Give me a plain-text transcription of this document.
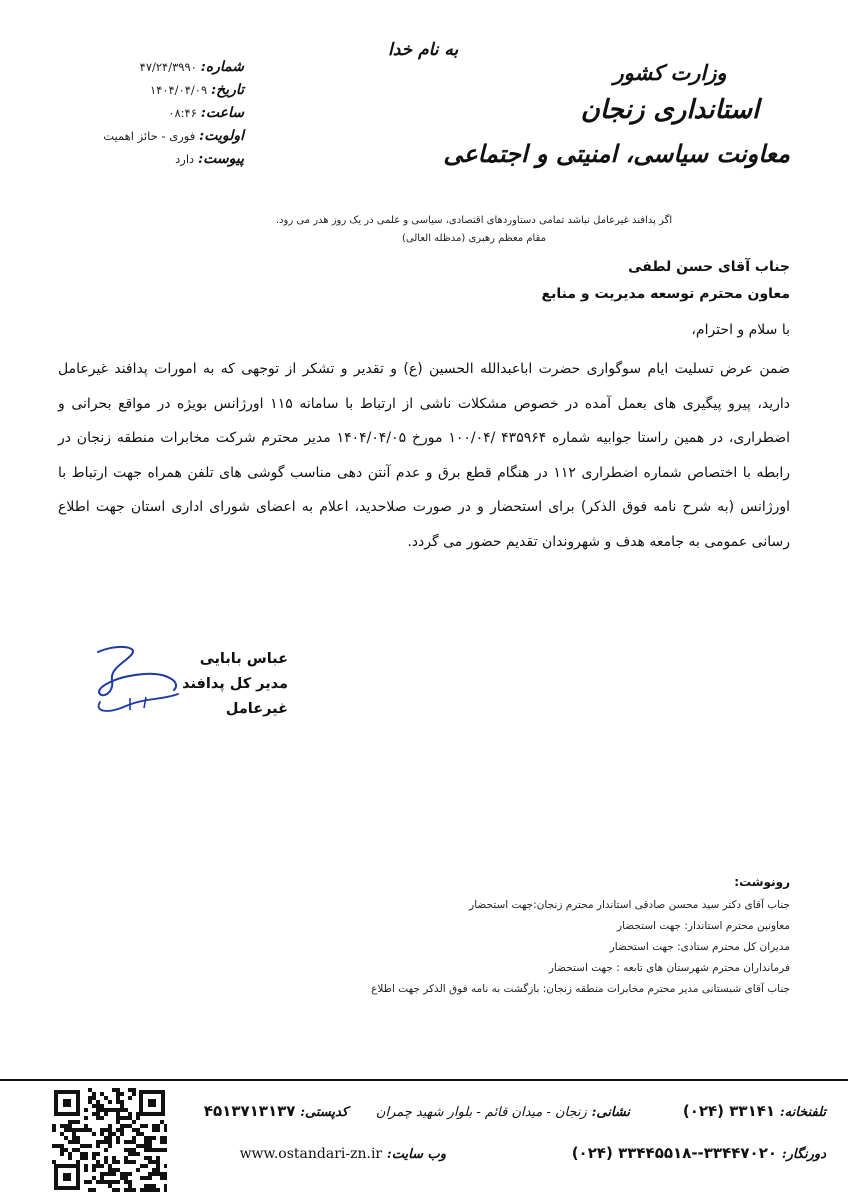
به نام خدا
وزارت کشور
استانداری زنجان
معاونت سیاسی، امنیتی و اجتماعی
شماره: ۴۷/۲۴/۳۹۹۰
تاریخ: ۱۴۰۴/۰۴/۰۹
ساعت: ۰۸:۴۶
اولویت: فوری - حائز اهمیت
پیوست: دارد
اگر پدافند غیرعامل نباشد تمامی دستاوردهای اقتصادی، سیاسی و علمی در یک روز هدر می رود.
مقام معظم رهبری (مدظله العالی)
جناب آقای حسن لطفی
معاون محترم توسعه مدیریت و منابع
با سلام و احترام،
ضمن عرض تسلیت ایام سوگواری حضرت اباعبدالله الحسین (ع) و تقدیر و تشکر از توجهی که به امورات پدافند غیرعامل دارید، پیرو پیگیری های بعمل آمده در خصوص مشکلات ناشی از ارتباط با سامانه ۱۱۵ اورژانس بویژه در مواقع بحرانی و اضطراری، در همین راستا جوابیه شماره ۴۳۵۹۶۴ /۱۰۰/۰۴ مورخ ۱۴۰۴/۰۴/۰۵ مدیر محترم شرکت مخابرات منطقه زنجان در رابطه با اختصاص شماره اضطراری ۱۱۲ در هنگام قطع برق و عدم آنتن دهی مناسب گوشی های تلفن همراه جهت ارتباط با اورژانس (به شرح نامه فوق الذکر) برای استحضار و در صورت صلاحدید، اعلام به اعضای شورای اداری استان جهت اطلاع رسانی عمومی به جامعه هدف و شهروندان تقدیم حضور می گردد.
عباس بابایی
مدیر کل پدافند غیرعامل
رونوشت:
جناب آقای دکتر سید محسن صادقی استاندار محترم زنجان:جهت استحضار
معاونین محترم استاندار: جهت استحضار
مدیران کل محترم ستادی: جهت استحضار
فرمانداران محترم شهرستان های تابعه : جهت استحضار
جناب آقای شبستانی مدیر محترم مخابرات منطقه زنجان: بازگشت به نامه فوق الذکر جهت اطلاع
تلفنخانه: (۰۲۴) ۳۳۱۴۱
نشانی: زنجان - میدان قائم - بلوار شهید چمران
کدپستی: ۴۵۱۳۷۱۳۱۳۷
دورنگار: (۰۲۴) ۳۳۴۴۵۵۱۸--۳۳۴۴۷۰۲۰
وب سایت: www.ostandari-zn.ir
